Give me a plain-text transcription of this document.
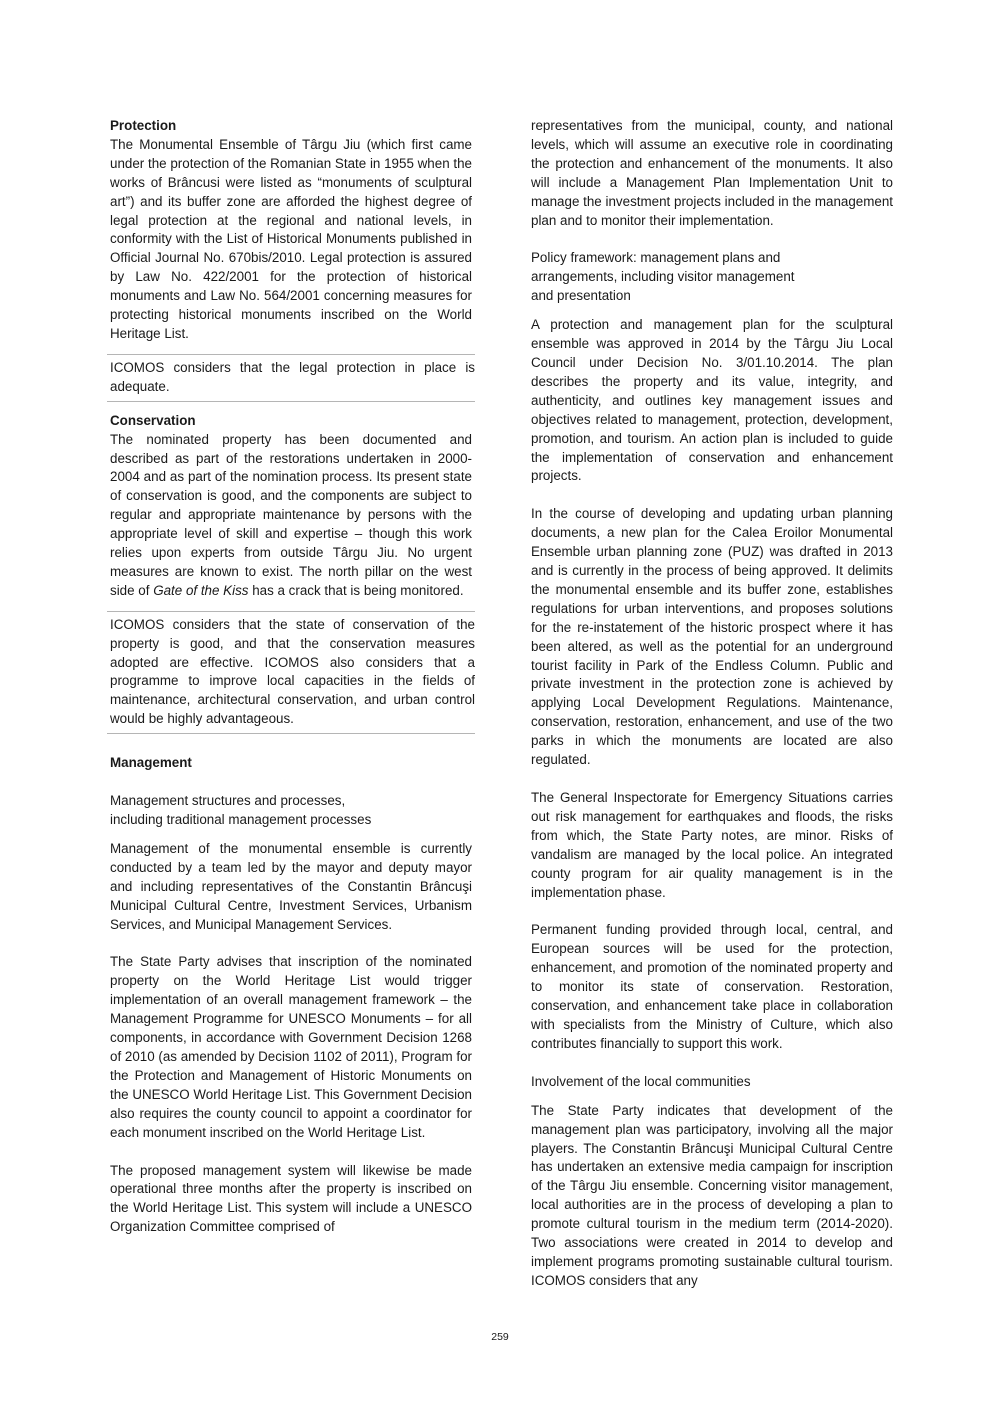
Protection

The Monumental Ensemble of Târgu Jiu (which first came under the protection of the Romanian State in 1955 when the works of Brâncusi were listed as “monuments of sculptural art”) and its buffer zone are afforded the highest degree of legal protection at the regional and national levels, in conformity with the List of Historical Monuments published in Official Journal No. 670bis/2010. Legal protection is assured by Law No. 422/2001 for the protection of historical monuments and Law No. 564/2001 concerning measures for protecting historical monuments inscribed on the World Heritage List.

ICOMOS considers that the legal protection in place is adequate.

Conservation

The nominated property has been documented and described as part of the restorations undertaken in 2000-2004 and as part of the nomination process. Its present state of conservation is good, and the components are subject to regular and appropriate maintenance by persons with the appropriate level of skill and expertise – though this work relies upon experts from outside Târgu Jiu. No urgent measures are known to exist. The north pillar on the west side of Gate of the Kiss has a crack that is being monitored.

ICOMOS considers that the state of conservation of the property is good, and that the conservation measures adopted are effective. ICOMOS also considers that a programme to improve local capacities in the fields of maintenance, architectural conservation, and urban control would be highly advantageous.

Management

Management structures and processes,

including traditional management processes

Management of the monumental ensemble is currently conducted by a team led by the mayor and deputy mayor and including representatives of the Constantin Brâncuşi Municipal Cultural Centre, Investment Services, Urbanism Services, and Municipal Management Services.

The State Party advises that inscription of the nominated property on the World Heritage List would trigger implementation of an overall management framework – the Management Programme for UNESCO Monuments – for all components, in accordance with Government Decision 1268 of 2010 (as amended by Decision 1102 of 2011), Program for the Protection and Management of Historic Monuments on the UNESCO World Heritage List. This Government Decision also requires the county council to appoint a coordinator for each monument inscribed on the World Heritage List.

The proposed management system will likewise be made operational three months after the property is inscribed on the World Heritage List. This system will include a UNESCO Organization Committee comprised of

representatives from the municipal, county, and national levels, which will assume an executive role in coordinating the protection and enhancement of the monuments. It also will include a Management Plan Implementation Unit to manage the investment projects included in the management plan and to monitor their implementation.

Policy framework: management plans and

arrangements, including visitor management

and presentation

A protection and management plan for the sculptural ensemble was approved in 2014 by the Târgu Jiu Local Council under Decision No. 3/01.10.2014. The plan describes the property and its value, integrity, and authenticity, and outlines key management issues and objectives related to management, protection, development, promotion, and tourism. An action plan is included to guide the implementation of conservation and enhancement projects.

In the course of developing and updating urban planning documents, a new plan for the Calea Eroilor Monumental Ensemble urban planning zone (PUZ) was drafted in 2013 and is currently in the process of being approved. It delimits the monumental ensemble and its buffer zone, establishes regulations for urban interventions, and proposes solutions for the re-instatement of the historic prospect where it has been altered, as well as the potential for an underground tourist facility in Park of the Endless Column. Public and private investment in the protection zone is achieved by applying Local Development Regulations. Maintenance, conservation, restoration, enhancement, and use of the two parks in which the monuments are located are also regulated.

The General Inspectorate for Emergency Situations carries out risk management for earthquakes and floods, the risks from which, the State Party notes, are minor. Risks of vandalism are managed by the local police. An integrated county program for air quality management is in the implementation phase.

Permanent funding provided through local, central, and European sources will be used for the protection, enhancement, and promotion of the nominated property and to monitor its state of conservation. Restoration, conservation, and enhancement take place in collaboration with specialists from the Ministry of Culture, which also contributes financially to support this work.

Involvement of the local communities

The State Party indicates that development of the management plan was participatory, involving all the major players. The Constantin Brâncuşi Municipal Cultural Centre has undertaken an extensive media campaign for inscription of the Târgu Jiu ensemble. Concerning visitor management, local authorities are in the process of developing a plan to promote cultural tourism in the medium term (2014-2020). Two associations were created in 2014 to develop and implement programs promoting sustainable cultural tourism. ICOMOS considers that any

259
